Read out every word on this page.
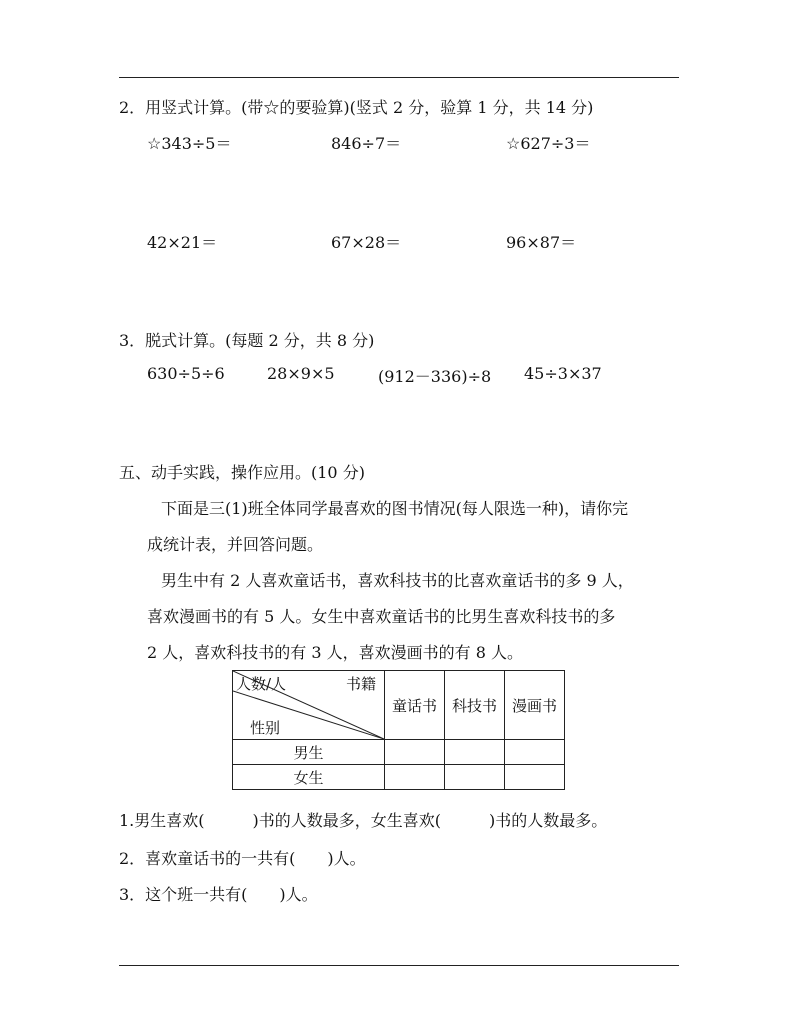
2．用竖式计算。(带☆的要验算)(竖式 2 分，验算 1 分，共 14 分)
☆343÷5＝	846÷7＝	☆627÷3＝
42×21＝	67×28＝	96×87＝
3．脱式计算。(每题 2 分，共 8 分)
630÷5÷6	28×9×5	(912－336)÷8 45÷3×37
五、动手实践，操作应用。(10 分)
下面是三(1)班全体同学最喜欢的图书情况(每人限选一种)，请你完
成统计表，并回答问题。
男生中有 2 人喜欢童话书，喜欢科技书的比喜欢童话书的多 9 人，
喜欢漫画书的有 5 人。女生中喜欢童话书的比男生喜欢科技书的多
2 人，喜欢科技书的有 3 人，喜欢漫画书的有 8 人。
人数/人 书籍
性别	童话书	科技书	漫画书
男生			
女生			
1.男生喜欢(　　　)书的人数最多，女生喜欢(　　　)书的人数最多。
2．喜欢童话书的一共有(　　)人。
3．这个班一共有(　　)人。
